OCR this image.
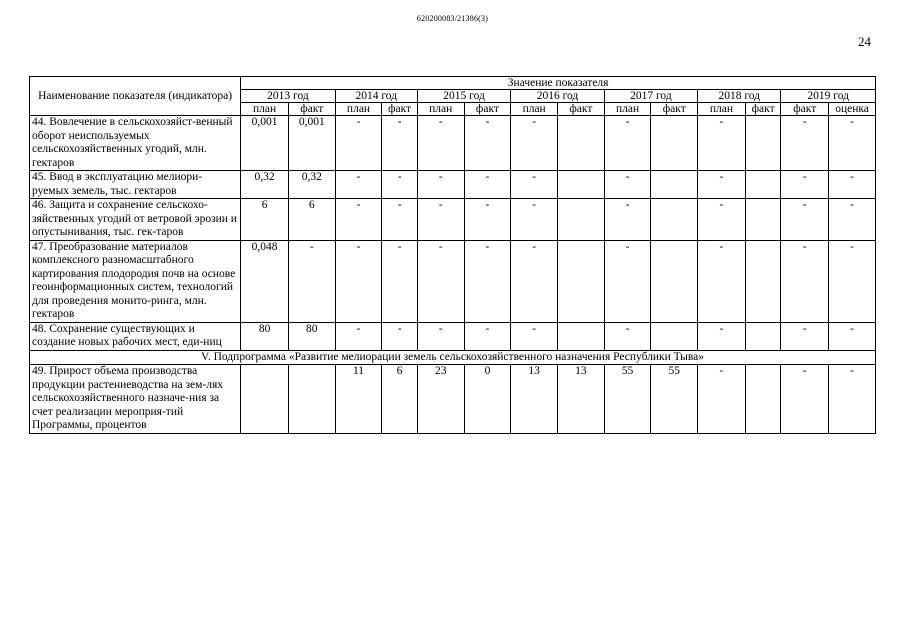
620200083/21386(3)
24
Наименование показателя (индикатора)	Значение показателя													
	2013 год		2014 год		2015 год		2016 год		2017 год		2018 год		2019 год	
	план	факт	план	факт	план	факт	план	факт	план	факт	план	факт	факт	оценка
44. Вовлечение в сельскохозяйст-венный оборот неиспользуемых сельскохозяйственных угодий, млн. гектаров	0,001	0,001	-	-	-	-	-		-		-		-	-
45. Ввод в эксплуатацию мелиори-руемых земель, тыс. гектаров	0,32	0,32	-	-	-	-	-		-		-		-	-
46. Защита и сохранение сельскохо-зяйственных угодий от ветровой эрозии и опустынивания, тыс. гек-таров	6	6	-	-	-	-	-		-		-		-	-
47. Преобразование материалов комплексного разномасштабного картирования плодородия почв на основе геоинформационных систем, технологий для проведения монито-ринга, млн. гектаров	0,048	-	-	-	-	-	-		-		-		-	-
48. Сохранение существующих и создание новых рабочих мест, еди-ниц	80	80	-	-	-	-	-		-		-		-	-
V. Подпрограмма «Развитие мелиорации земель сельскохозяйственного назначения Республики Тыва»														
49. Прирост объема производства продукции растениеводства на зем-лях сельскохозяйственного назначе-ния за счет реализации мероприя-тий Программы, процентов			11	6	23	0	13	13	55	55	-		-	-
